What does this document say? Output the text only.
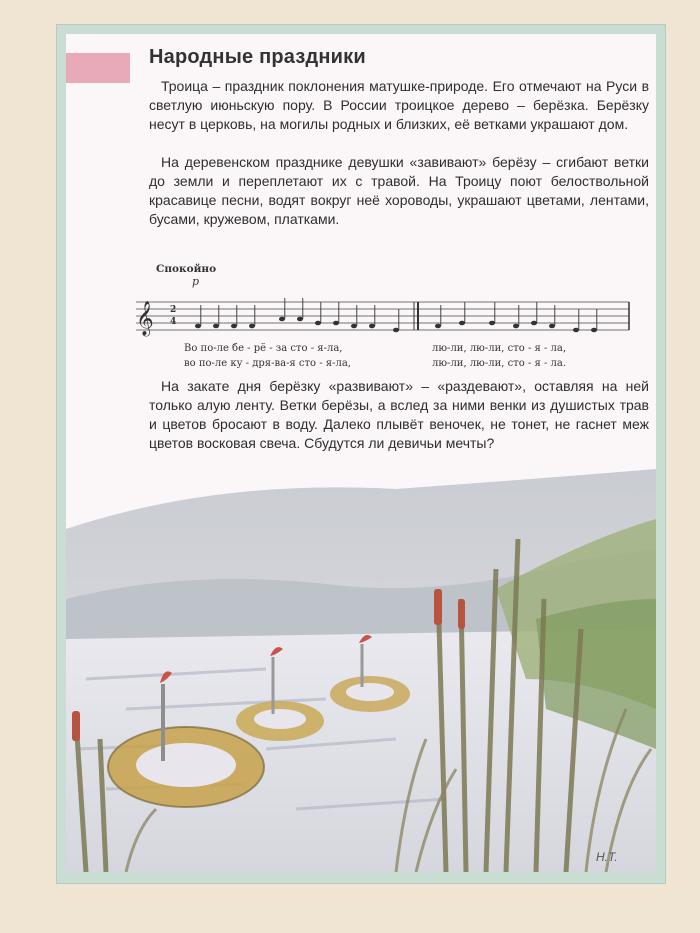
Народные праздники

Троица – праздник поклонения матушке-природе. Его отмечают на Руси в светлую июньскую пору. В России троицкое дерево – берёзка. Берёзку несут в церковь, на могилы родных и близких, её ветками украшают дом.

На деревенском празднике девушки «завивают» берёзу – сгибают ветки до земли и переплетают их с травой. На Троицу поют белоствольной красавице песни, водят вокруг неё хороводы, украшают цветами, лентами, бусами, кружевом, платками.

Спокойно
p
𝄞 2
4
Во по-ле бе - рё - за сто - я-ла,	лю-ли, лю-ли, сто - я - ла,
во по-ле ку - дря-ва-я сто - я-ла,	лю-ли, лю-ли, сто - я - ла.

На закате дня берёзку «развивают» – «раздевают», оставляя на ней только алую ленту. Ветки берёзы, а вслед за ними венки из душистых трав и цветов бросают в воду. Далеко плывёт веночек, не тонет, не гаснет меж цветов восковая свеча. Сбудутся ли девичьи мечты?

Н.Т.
